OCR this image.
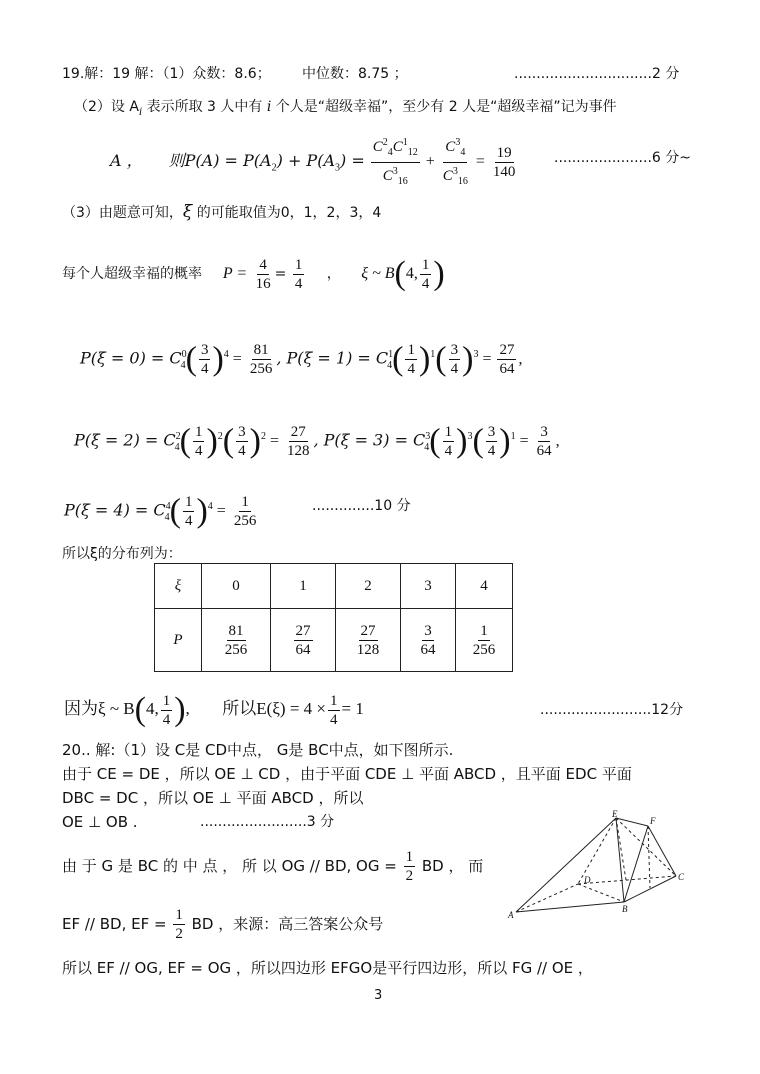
19.解：19 解：（1）众数：8.6； 中位数：8.75 ；	...............................2 分
（2）设 $A_i$ 表示所取 3 人中有 i 个人是“超级幸福”，至少有 2 人是“超级幸福”记为事件
A ， 则$P(A) = P(A_2) + P(A_3) = \frac{C^2_4C^1_{12}}{C^3_{16}} + \frac{C^3_4}{C^3_{16}} = \frac{19}{140}$	......................6 分~
（3）由题意可知，ξ 的可能取值为0，1，2，3，4
每个人超级幸福的概率 $P = \frac{4}{16} = \frac{1}{4}$ ， ξ ~ B(4, $\frac{1}{4}$ )
$P(\xi = 0) = C^0_4( \frac{3}{4} )^4 = \frac{81}{256}$ , $P(\xi = 1) = C^1_4( \frac{1}{4} )^1( \frac{3}{4} )^3 = \frac{27}{64}$ ,
$P(\xi = 2) = C^2_4( \frac{1}{4} )^2( \frac{3}{4} )^2 = \frac{27}{128}$ , $P(\xi = 3) = C^3_4( \frac{1}{4} )^3( \frac{3}{4} )^1 = \frac{3}{64}$ ,
$P(\xi = 4) = C^4_4( \frac{1}{4} )^4 = \frac{1}{256}$	..............10 分
所以ξ的分布列为：
ξ	0	1	2	3	4
P	$\frac{81}{256}$	$\frac{27}{64}$	$\frac{27}{128}$	$\frac{3}{64}$	$\frac{1}{256}$
因为ξ ~ B(4, $\frac{1}{4}$ ),  所以$E(\xi) = 4 \times \frac{1}{4} = 1$	.........................12分
20.. 解:（1）设 C是 CD中点， G是 BC中点，如下图所示.
由于 CE = DE ，所以 OE ⊥ CD ，由于平面 CDE ⊥ 平面 ABCD ，且平面 EDC 平面
DBC = DC ，所以 OE ⊥ 平面 ABCD ，所以
OE ⊥ OB .	........................3 分
由 于 G 是 BC 的 中 点 ， 所 以 OG // BD, OG = $\frac{1}{2}$ BD ， 而
EF // BD, EF = $\frac{1}{2}$ BD ，来源：高三答案公众号
所以 EF // OG, EF = OG ，所以四边形 EFGO是平行四边形，所以 FG // OE ，
E
F
D	C
A
B
3
